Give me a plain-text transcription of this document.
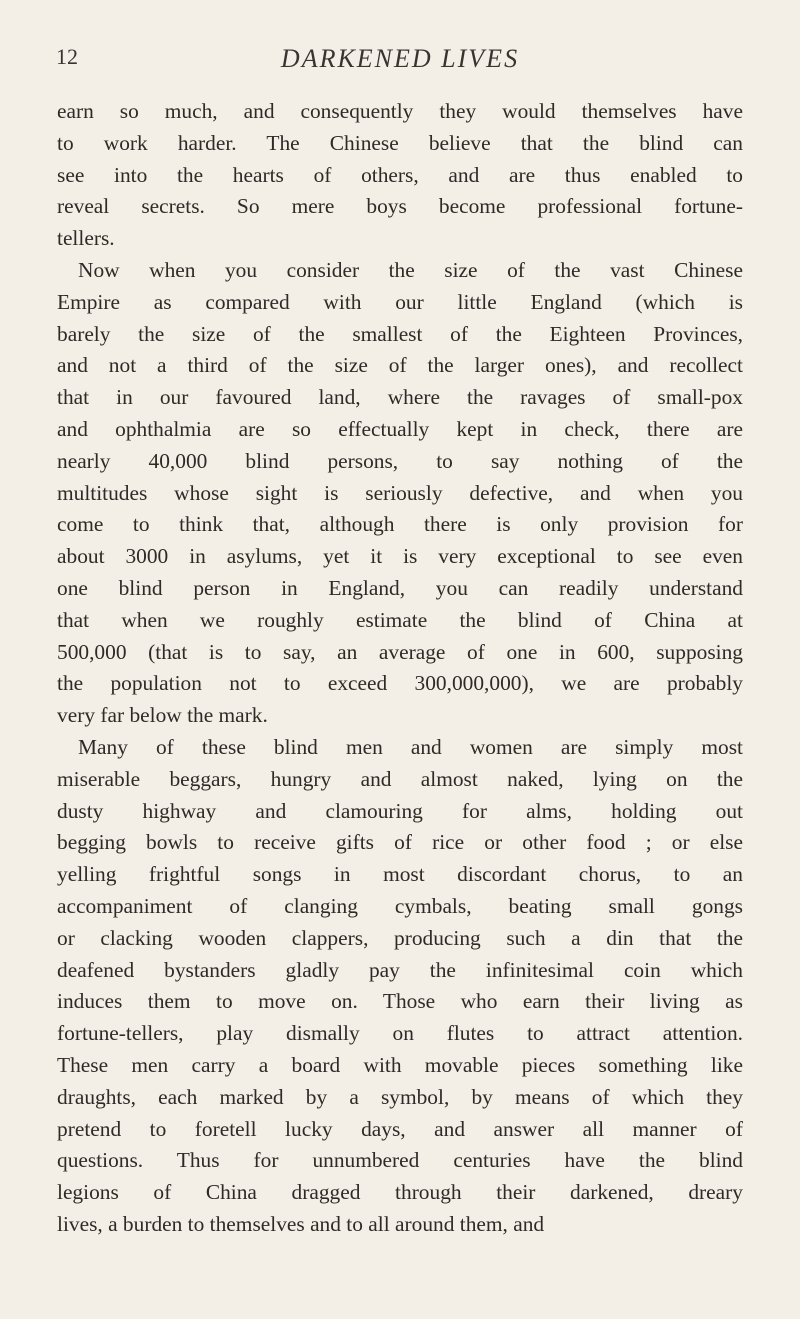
12	DARKENED LIVES
earn so much, and consequently they would themselves have
to work harder. The Chinese believe that the blind can
see into the hearts of others, and are thus enabled to
reveal secrets. So mere boys become professional fortune-
tellers.
Now when you consider the size of the vast Chinese
Empire as compared with our little England (which is
barely the size of the smallest of the Eighteen Provinces,
and not a third of the size of the larger ones), and recollect
that in our favoured land, where the ravages of small-pox
and ophthalmia are so effectually kept in check, there are
nearly 40,000 blind persons, to say nothing of the
multitudes whose sight is seriously defective, and when you
come to think that, although there is only provision for
about 3000 in asylums, yet it is very exceptional to see even
one blind person in England, you can readily understand
that when we roughly estimate the blind of China at
500,000 (that is to say, an average of one in 600, supposing
the population not to exceed 300,000,000), we are probably
very far below the mark.
Many of these blind men and women are simply most
miserable beggars, hungry and almost naked, lying on the
dusty highway and clamouring for alms, holding out
begging bowls to receive gifts of rice or other food ; or else
yelling frightful songs in most discordant chorus, to an
accompaniment of clanging cymbals, beating small gongs
or clacking wooden clappers, producing such a din that the
deafened bystanders gladly pay the infinitesimal coin which
induces them to move on. Those who earn their living as
fortune-tellers, play dismally on flutes to attract attention.
These men carry a board with movable pieces something like
draughts, each marked by a symbol, by means of which they
pretend to foretell lucky days, and answer all manner of
questions. Thus for unnumbered centuries have the blind
legions of China dragged through their darkened, dreary
lives, a burden to themselves and to all around them, and
